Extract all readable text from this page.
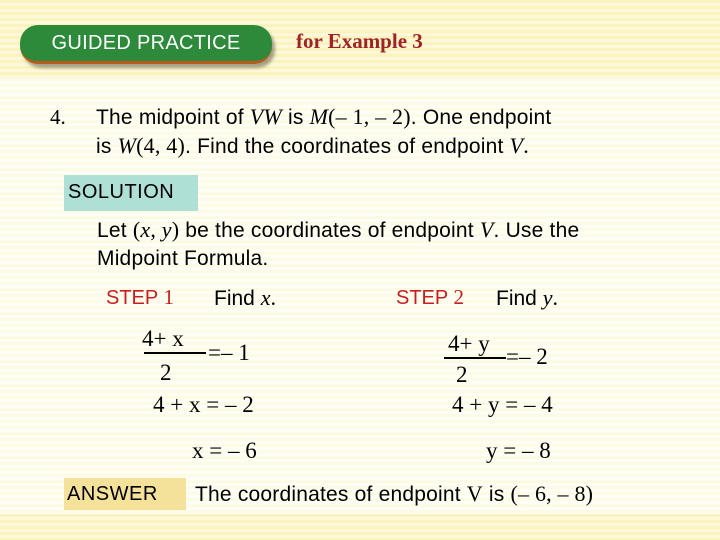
GUIDED PRACTICE	for Example 3
4. The midpoint of VW is M(– 1, – 2). One endpoint
is W(4, 4). Find the coordinates of endpoint V.
SOLUTION
Let (x, y) be the coordinates of endpoint V. Use the
Midpoint Formula.
STEP 1 Find x.
4+ x
=– 1
2
4 + x = – 2
x = – 6
STEP 2 Find y.
4+ y
=– 2
2
4 + y = – 4
y = – 8
ANSWER The coordinates of endpoint V is (– 6, – 8)
